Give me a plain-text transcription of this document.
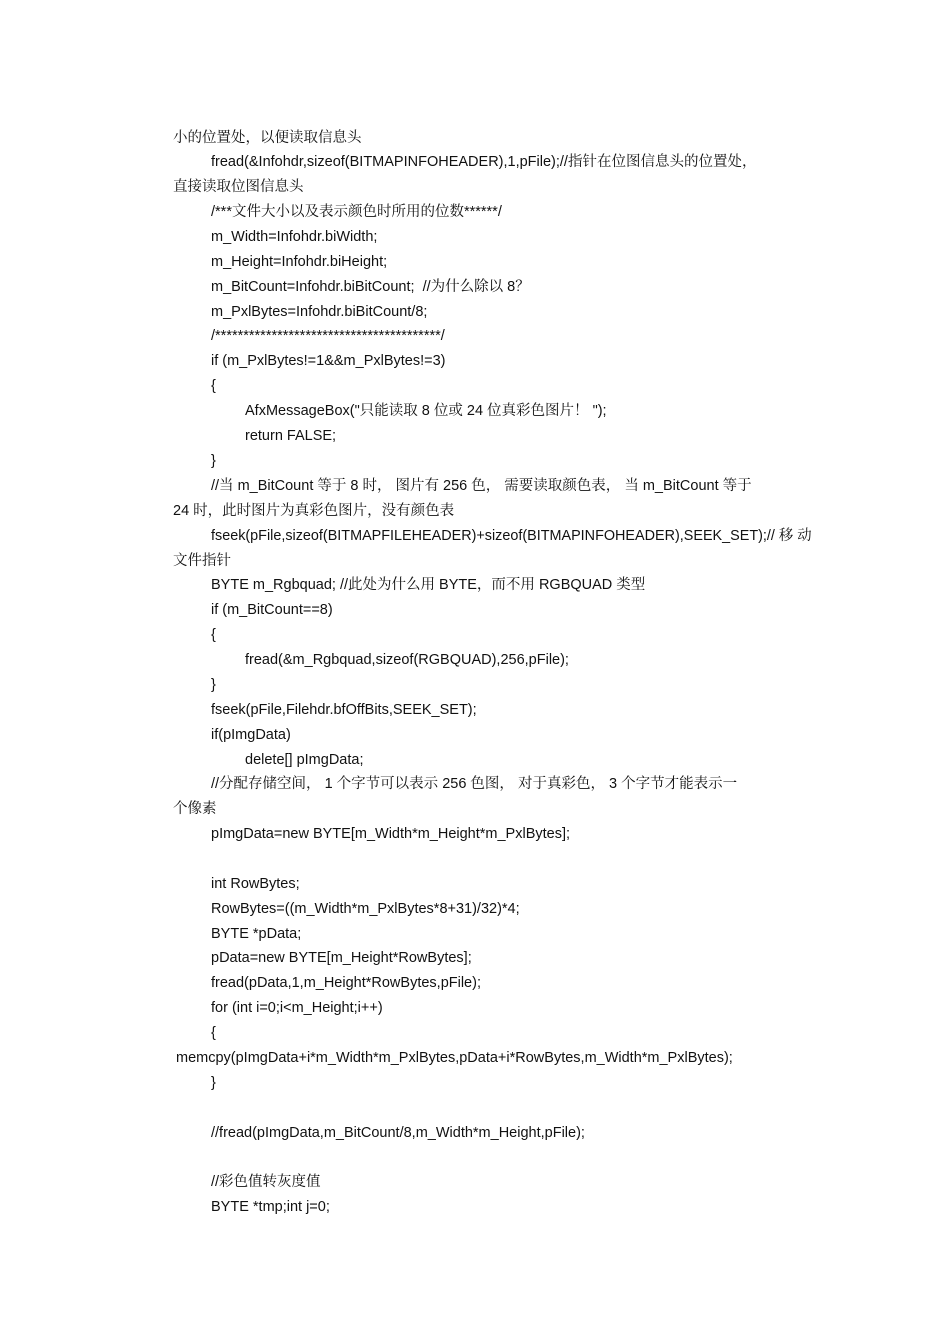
小的位置处，以便读取信息头
fread(&Infohdr,sizeof(BITMAPINFOHEADER),1,pFile);//指针在位图信息头的位置处，
直接读取位图信息头
/***文件大小以及表示颜色时所用的位数******/
m_Width=Infohdr.biWidth;
m_Height=Infohdr.biHeight;
m_BitCount=Infohdr.biBitCount;  //为什么除以 8？
m_PxlBytes=Infohdr.biBitCount/8;
/****************************************/
if (m_PxlBytes!=1&&m_PxlBytes!=3)
{
AfxMessageBox("只能读取 8 位或 24 位真彩色图片！ ");
return FALSE;
}
//当 m_BitCount 等于 8 时， 图片有 256 色， 需要读取颜色表， 当 m_BitCount 等于
24 时，此时图片为真彩色图片，没有颜色表
fseek(pFile,sizeof(BITMAPFILEHEADER)+sizeof(BITMAPINFOHEADER),SEEK_SET);// 移 动
文件指针
BYTE m_Rgbquad; //此处为什么用 BYTE，而不用 RGBQUAD 类型
if (m_BitCount==8)
{
fread(&m_Rgbquad,sizeof(RGBQUAD),256,pFile);
}
fseek(pFile,Filehdr.bfOffBits,SEEK_SET);
if(pImgData)
delete[] pImgData;
//分配存储空间， 1 个字节可以表示 256 色图， 对于真彩色， 3 个字节才能表示一
个像素
pImgData=new BYTE[m_Width*m_Height*m_PxlBytes];
int RowBytes;
RowBytes=((m_Width*m_PxlBytes*8+31)/32)*4;
BYTE *pData;
pData=new BYTE[m_Height*RowBytes];
fread(pData,1,m_Height*RowBytes,pFile);
for (int i=0;i<m_Height;i++)
{
memcpy(pImgData+i*m_Width*m_PxlBytes,pData+i*RowBytes,m_Width*m_PxlBytes);
}
//fread(pImgData,m_BitCount/8,m_Width*m_Height,pFile);
//彩色值转灰度值
BYTE *tmp;int j=0;
